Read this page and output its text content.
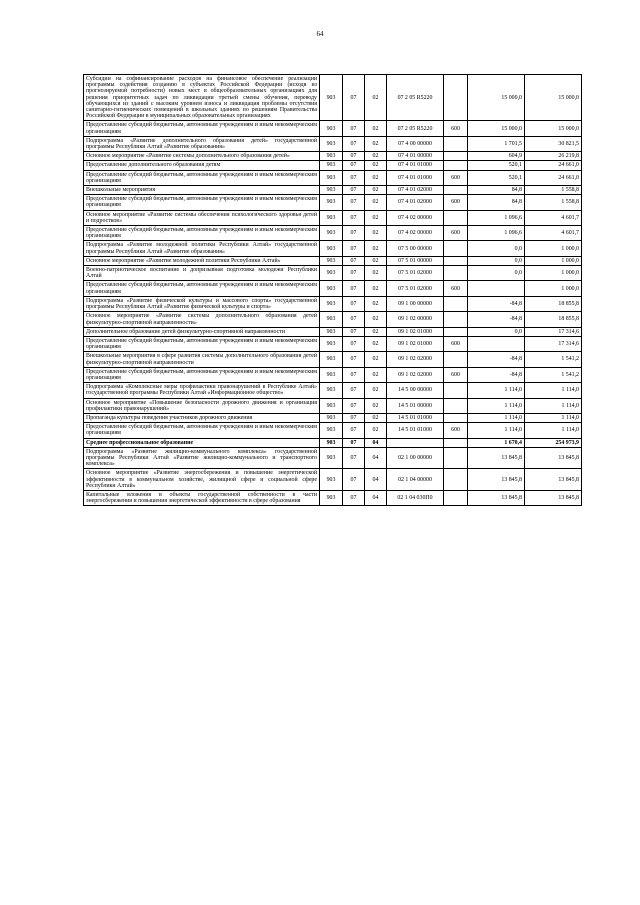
64
Субсидии на софинансирование расходов на финансовое обеспечение реализации программы содействия созданию в субъектах Российской Федерации (исходя из прогнозируемой потребности) новых мест в общеобразовательных организациях для решения приоритетных задач по ликвидации третьей смены обучения, переводу обучающихся из зданий с высоким уровнем износа и ликвидация проблемы отсутствия санитарно-гигиенических помещений в школьных зданиях по решениям Правительства Российской Федерации в муниципальных образовательных организациях	903	07	02	07 2 05 R5220		15 000,0	15 000,0
Предоставление субсидий бюджетным, автономным учреждениям и иным некоммерческим организациям	903	07	02	07 2 05 R5220	600	15 000,0	15 000,0
Подпрограмма «Развитие дополнительного образования детей» государственной программы Республики Алтай «Развитие образования»	903	07	02	07 4 00 00000		1 701,5	30 821,5
Основное мероприятие «Развитие системы дополнительного образования детей»	903	07	02	07 4 01 00000		604,9	26 219,8
Предоставление дополнительного образования детям	903	07	02	07 4 01 01000		520,1	24 661,0
Предоставление субсидий бюджетным, автономным учреждениям и иным некоммерческим организациям	903	07	02	07 4 01 01000	600	520,1	24 661,0
Внешкольные мероприятия	903	07	02	07 4 01 02000		84,8	1 558,8
Предоставление субсидий бюджетным, автономным учреждениям и иным некоммерческим организациям	903	07	02	07 4 01 02000	600	84,8	1 558,8
Основное мероприятие «Развитие системы обеспечения психологического здоровья детей и подростков»	903	07	02	07 4 02 00000		1 096,6	4 601,7
Предоставление субсидий бюджетным, автономным учреждениям и иным некоммерческим организациям	903	07	02	07 4 02 00000	600	1 096,6	4 601,7
Подпрограмма «Развитие молодежной политики Республики Алтай» государственной программы Республики Алтай «Развитие образования»	903	07	02	07 5 00 00000		0,0	1 000,0
Основное мероприятие «Развитие молодежной политики Республики Алтай»	903	07	02	07 5 01 00000		0,0	1 000,0
Военно-патриотическое воспитание и допризывная подготовка молодежи Республики Алтай	903	07	02	07 5 01 02000		0,0	1 000,0
Предоставление субсидий бюджетным, автономным учреждениям и иным некоммерческим организациям	903	07	02	07 5 01 02000	600		1 000,0
Подпрограмма «Развитие физической культуры и массового спорта» государственной программы Республики Алтай «Развитие физической культуры и спорта»	903	07	02	09 1 00 00000		-84,8	18 855,8
Основное мероприятие «Развитие системы дополнительного образования детей физкультурно-спортивной направленности»	903	07	02	09 1 02 00000		-84,8	18 855,8
Дополнительное образование детей физкультурно-спортивной направленности	903	07	02	09 1 02 01000		0,0	17 314,6
Предоставление субсидий бюджетным, автономным учреждениям и иным некоммерческим организациям	903	07	02	09 1 02 01000	600		17 314,6
Внешкольные мероприятия в сфере развития системы дополнительного образования детей физкультурно-спортивной направленности	903	07	02	09 1 02 02000		-84,8	1 541,2
Предоставление субсидий бюджетным, автономным учреждениям и иным некоммерческим организациям	903	07	02	09 1 02 02000	600	-84,8	1 541,2
Подпрограмма «Комплексные меры профилактики правонарушений в Республике Алтай» государственной программы Республики Алтай «Информационное общество»	903	07	02	14 5 00 00000		1 114,0	1 114,0
Основное мероприятие «Повышение безопасности дорожного движения и организация профилактики правонарушений»	903	07	02	14 5 01 00000		1 114,0	1 114,0
Пропаганда культуры поведения участников дорожного движения	903	07	02	14 5 01 01000		1 114,0	1 114,0
Предоставление субсидий бюджетным, автономным учреждениям и иным некоммерческим организациям	903	07	02	14 5 01 01000	600	1 114,0	1 114,0
Среднее профессиональное образование	903	07	04			1 670,4	254 973,9
Подпрограмма «Развитие жилищно-коммунального комплекса» государственной программы Республики Алтай «Развитие жилищно-коммунального и транспортного комплекса»	903	07	04	02 1 00 00000		13 845,8	13 845,8
Основное мероприятие «Развитие энергосбережения и повышение энергетической эффективности в коммунальном хозяйстве, жилищной сфере и социальной сфере Республики Алтай»	903	07	04	02 1 04 00000		13 845,8	13 845,8
Капитальные вложения в объекты государственной собственности в части энергосбережения и повышения энергетической эффективности в сфере образования	903	07	04	02 1 04 030П0		13 845,8	13 845,8
